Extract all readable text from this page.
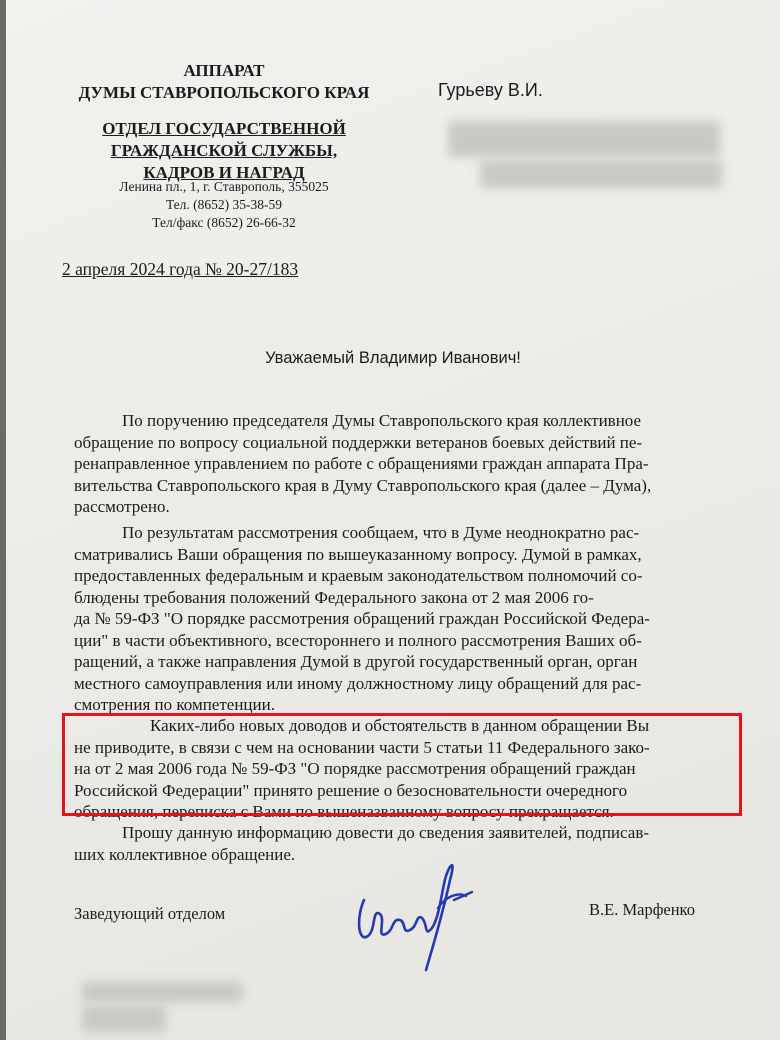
АППАРАТ
ДУМЫ СТАВРОПОЛЬСКОГО КРАЯ
ОТДЕЛ ГОСУДАРСТВЕННОЙ
ГРАЖДАНСКОЙ СЛУЖБЫ,
КАДРОВ И НАГРАД
Ленина пл., 1, г. Ставрополь, 355025
Тел. (8652) 35-38-59
Тел/факс (8652) 26-66-32
Гурьеву В.И.
2 апреля 2024 года № 20-27/183
Уважаемый Владимир Иванович!
По поручению председателя Думы Ставропольского края коллективное
обращение по вопросу социальной поддержки ветеранов боевых действий пе-
ренаправленное управлением по работе с обращениями граждан аппарата Пра-
вительства Ставропольского края в Думу Ставропольского края (далее – Дума),
рассмотрено.
По результатам рассмотрения сообщаем, что в Думе неоднократно рас-
сматривались Ваши обращения по вышеуказанному вопросу. Думой в рамках,
предоставленных федеральным и краевым законодательством полномочий со-
блюдены требования положений Федерального закона от 2 мая 2006 го-
да № 59-ФЗ "О порядке рассмотрения обращений граждан Российской Федера-
ции" в части объективного, всестороннего и полного рассмотрения Ваших об-
ращений, а также направления Думой в другой государственный орган, орган
местного самоуправления или иному должностному лицу обращений для рас-
смотрения по компетенции.
Каких-либо новых доводов и обстоятельств в данном обращении Вы
не приводите, в связи с чем на основании части 5 статьи 11 Федерального зако-
на от 2 мая 2006 года № 59-ФЗ "О порядке рассмотрения обращений граждан
Российской Федерации" принято решение о безосновательности очередного
обращения, переписка с Вами по вышеназванному вопросу прекращается.
Прошу данную информацию довести до сведения заявителей, подписав-
ших коллективное обращение.
Заведующий отделом	В.Е. Марфенко
